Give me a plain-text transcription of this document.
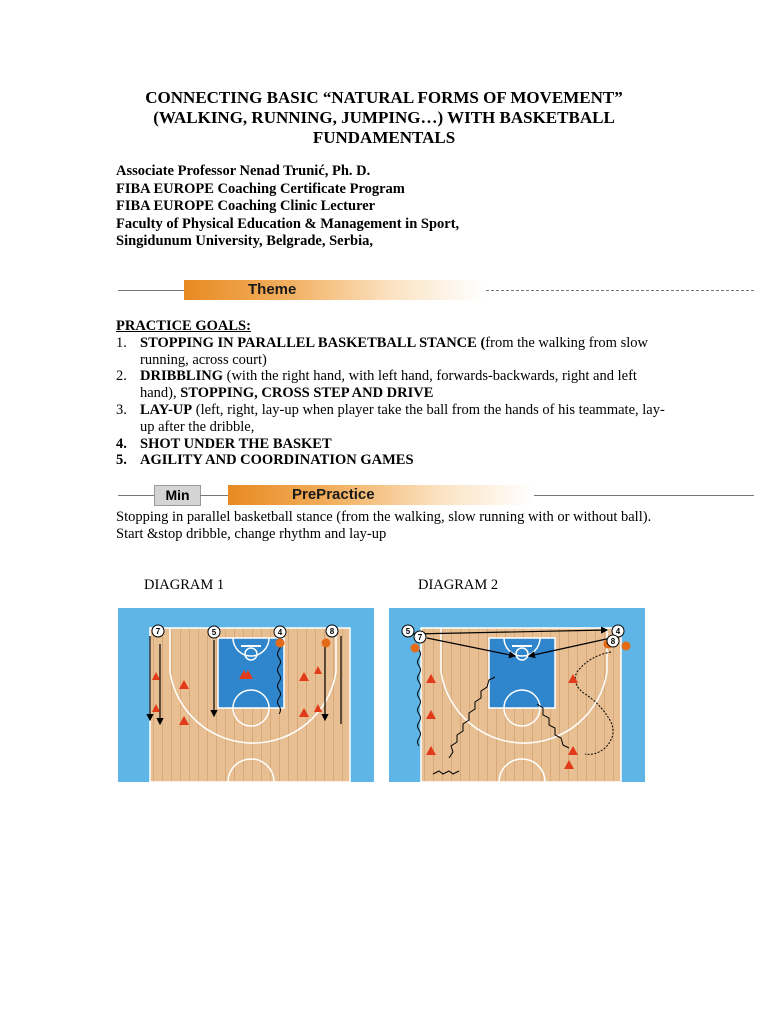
CONNECTING BASIC “NATURAL FORMS OF MOVEMENT”
(WALKING, RUNNING, JUMPING…) WITH BASKETBALL
FUNDAMENTALS
Associate Professor Nenad Trunić, Ph. D.
FIBA EUROPE Coaching Certificate Program
FIBA EUROPE Coaching Clinic Lecturer
Faculty of Physical Education & Management in Sport,
Singidunum University, Belgrade, Serbia,
Theme
PRACTICE GOALS:
1. STOPPING IN PARALLEL BASKETBALL STANCE (from the walking from slow running, across court)
2. DRIBBLING (with the right hand, with left hand, forwards-backwards, right and left hand), STOPPING, CROSS STEP AND DRIVE
3. LAY-UP (left, right, lay-up when player take the ball from the hands of his teammate, lay-up after the dribble,
4. SHOT UNDER THE BASKET
5. AGILITY AND COORDINATION GAMES
Min	PrePractice
Stopping in parallel basketball stance (from the walking, slow running with or without ball).
Start &stop dribble, change rhythm and lay-up
DIAGRAM 1	DIAGRAM 2
7	5	4	8	5
7
4
8
